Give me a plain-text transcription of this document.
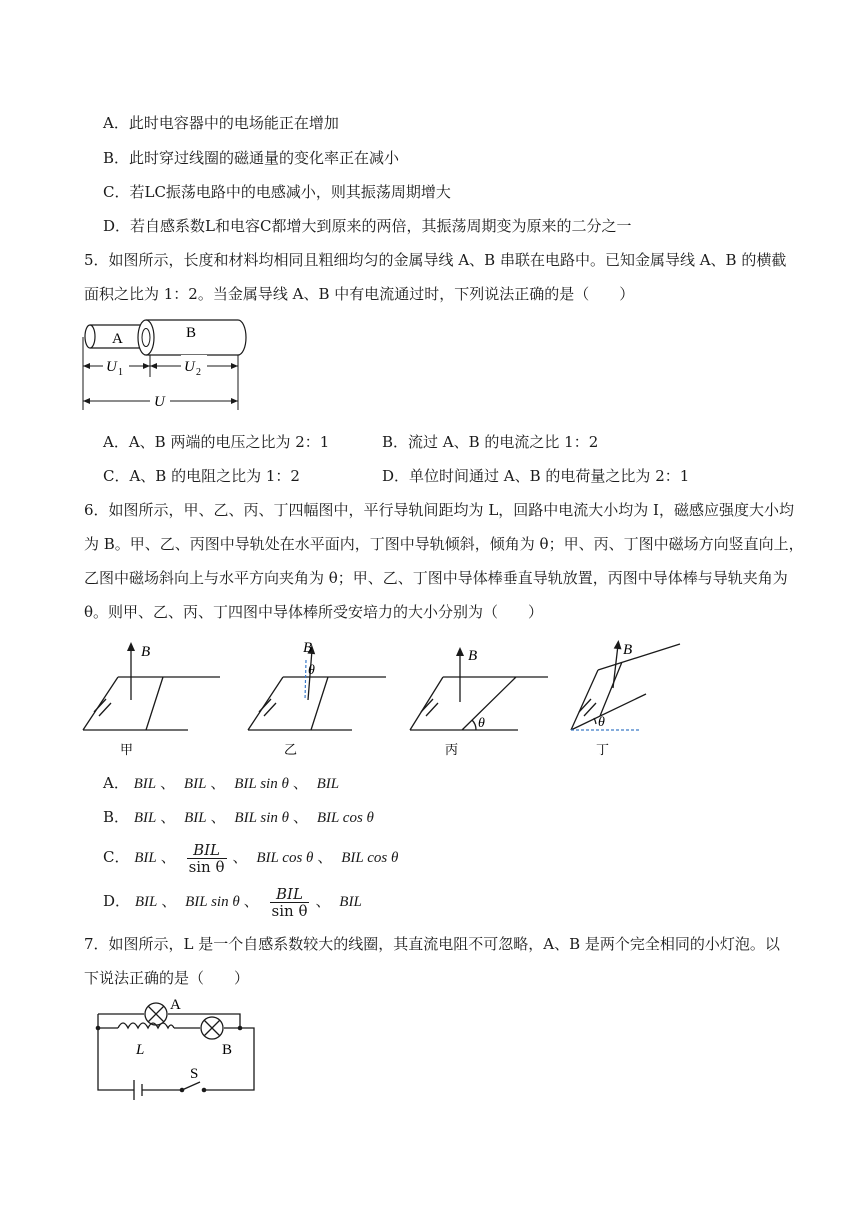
A．此时电容器中的电场能正在增加
B．此时穿过线圈的磁通量的变化率正在减小
C．若LC振荡电路中的电感减小，则其振荡周期增大
D．若自感系数L和电容C都增大到原来的两倍，其振荡周期变为原来的二分之一
5．如图所示，长度和材料均相同且粗细均匀的金属导线 A、B 串联在电路中。已知金属导线 A、B 的横截
面积之比为 1：2。当金属导线 A、B 中有电流通过时，下列说法正确的是（　　）
A	B
U 1	U 2
U
A．A、B 两端的电压之比为 2：1	B．流过 A、B 的电流之比 1：2
C．A、B 的电阻之比为 1：2	D．单位时间通过 A、B 的电荷量之比为 2：1
6．如图所示，甲、乙、丙、丁四幅图中，平行导轨间距均为 L，回路中电流大小均为 I，磁感应强度大小均
为 B。甲、乙、丙图中导轨处在水平面内，丁图中导轨倾斜，倾角为 θ；甲、丙、丁图中磁场方向竖直向上，
乙图中磁场斜向上与水平方向夹角为 θ；甲、乙、丁图中导体棒垂直导轨放置，丙图中导体棒与导轨夹角为
θ。则甲、乙、丙、丁四图中导体棒所受安培力的大小分别为（　　）
B	B
θ
B
θ
B
θ
甲	乙	丙	丁
A． BIL 、 BIL 、 BIL sin θ 、 BIL
B． BIL 、 BIL 、 BIL sin θ 、 BIL cos θ
C． BIL 、 $\frac{\text{BIL}}{\text{sin θ}}$ 、 BIL cos θ 、 BIL cos θ
D． BIL 、 BIL sin θ 、 $\frac{\text{BIL}}{\text{sin θ}}$ 、 BIL
7．如图所示，L 是一个自感系数较大的线圈，其直流电阻不可忽略，A、B 是两个完全相同的小灯泡。以
下说法正确的是（　　）
A
B
L
S
